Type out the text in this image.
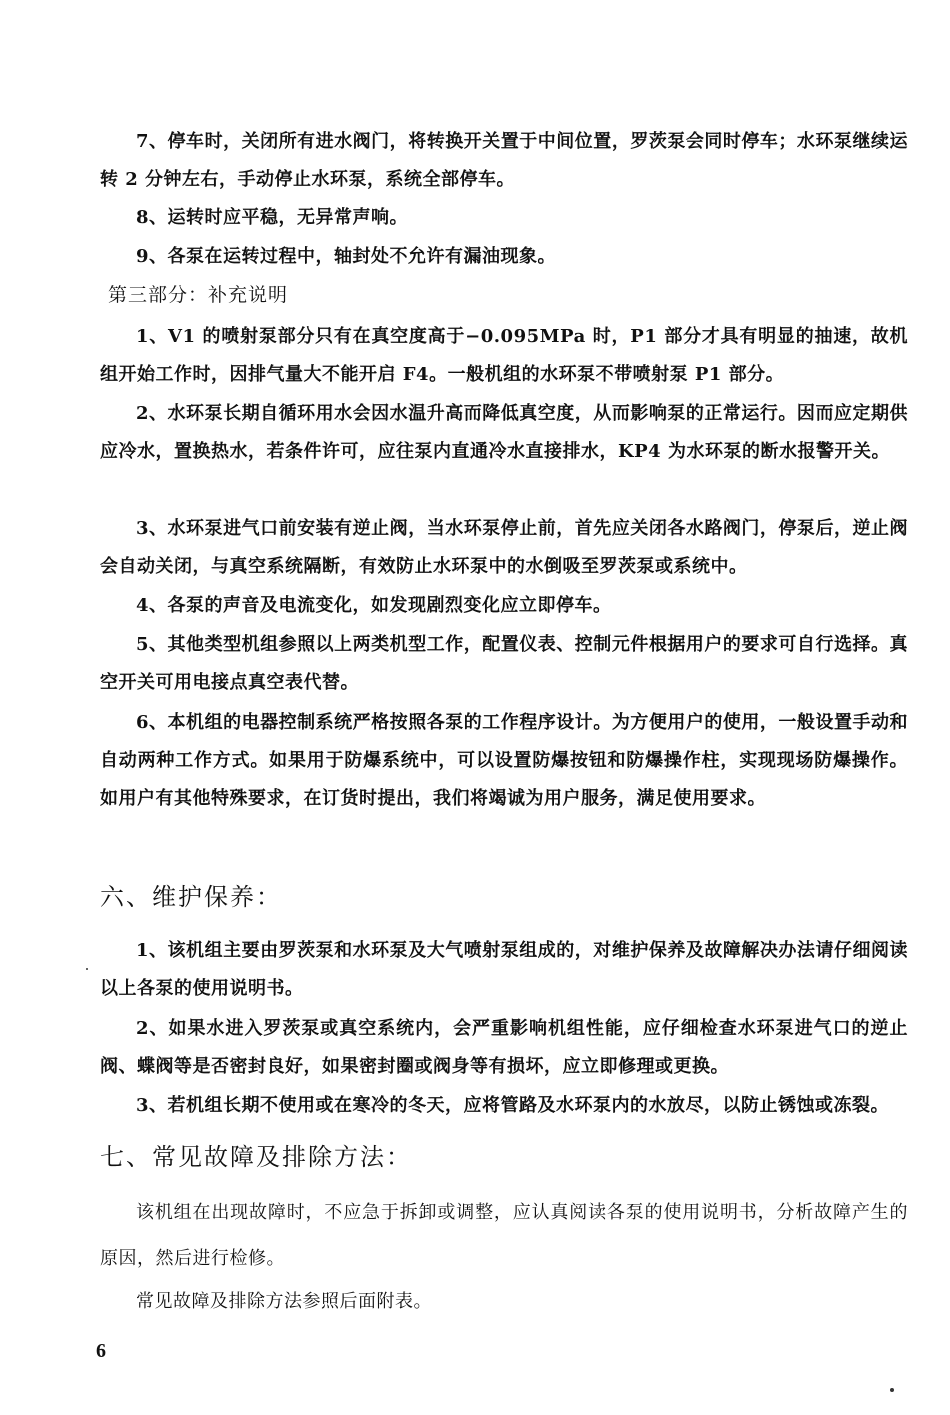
7、停车时，关闭所有进水阀门，将转换开关置于中间位置，罗茨泵会同时停车；水环泵继续运转 2 分钟左右，手动停止水环泵，系统全部停车。

8、运转时应平稳，无异常声响。

9、各泵在运转过程中，轴封处不允许有漏油现象。

第三部分：补充说明

1、V1 的喷射泵部分只有在真空度高于−0.095MPa 时，P1 部分才具有明显的抽速，故机组开始工作时，因排气量大不能开启 F4。一般机组的水环泵不带喷射泵 P1 部分。

2、水环泵长期自循环用水会因水温升高而降低真空度，从而影响泵的正常运行。因而应定期供应冷水，置换热水，若条件许可，应往泵内直通冷水直接排水，KP4 为水环泵的断水报警开关。

3、水环泵进气口前安装有逆止阀，当水环泵停止前，首先应关闭各水路阀门，停泵后，逆止阀会自动关闭，与真空系统隔断，有效防止水环泵中的水倒吸至罗茨泵或系统中。

4、各泵的声音及电流变化，如发现剧烈变化应立即停车。

5、其他类型机组参照以上两类机型工作，配置仪表、控制元件根据用户的要求可自行选择。真空开关可用电接点真空表代替。

6、本机组的电器控制系统严格按照各泵的工作程序设计。为方便用户的使用，一般设置手动和自动两种工作方式。如果用于防爆系统中，可以设置防爆按钮和防爆操作柱，实现现场防爆操作。如用户有其他特殊要求，在订货时提出，我们将竭诚为用户服务，满足使用要求。

六、维护保养：

1、该机组主要由罗茨泵和水环泵及大气喷射泵组成的，对维护保养及故障解决办法请仔细阅读以上各泵的使用说明书。

2、如果水进入罗茨泵或真空系统内，会严重影响机组性能，应仔细检查水环泵进气口的逆止阀、蝶阀等是否密封良好，如果密封圈或阀身等有损坏，应立即修理或更换。

3、若机组长期不使用或在寒冷的冬天，应将管路及水环泵内的水放尽，以防止锈蚀或冻裂。

七、常见故障及排除方法：

该机组在出现故障时，不应急于拆卸或调整，应认真阅读各泵的使用说明书，分析故障产生的原因，然后进行检修。

常见故障及排除方法参照后面附表。

6
